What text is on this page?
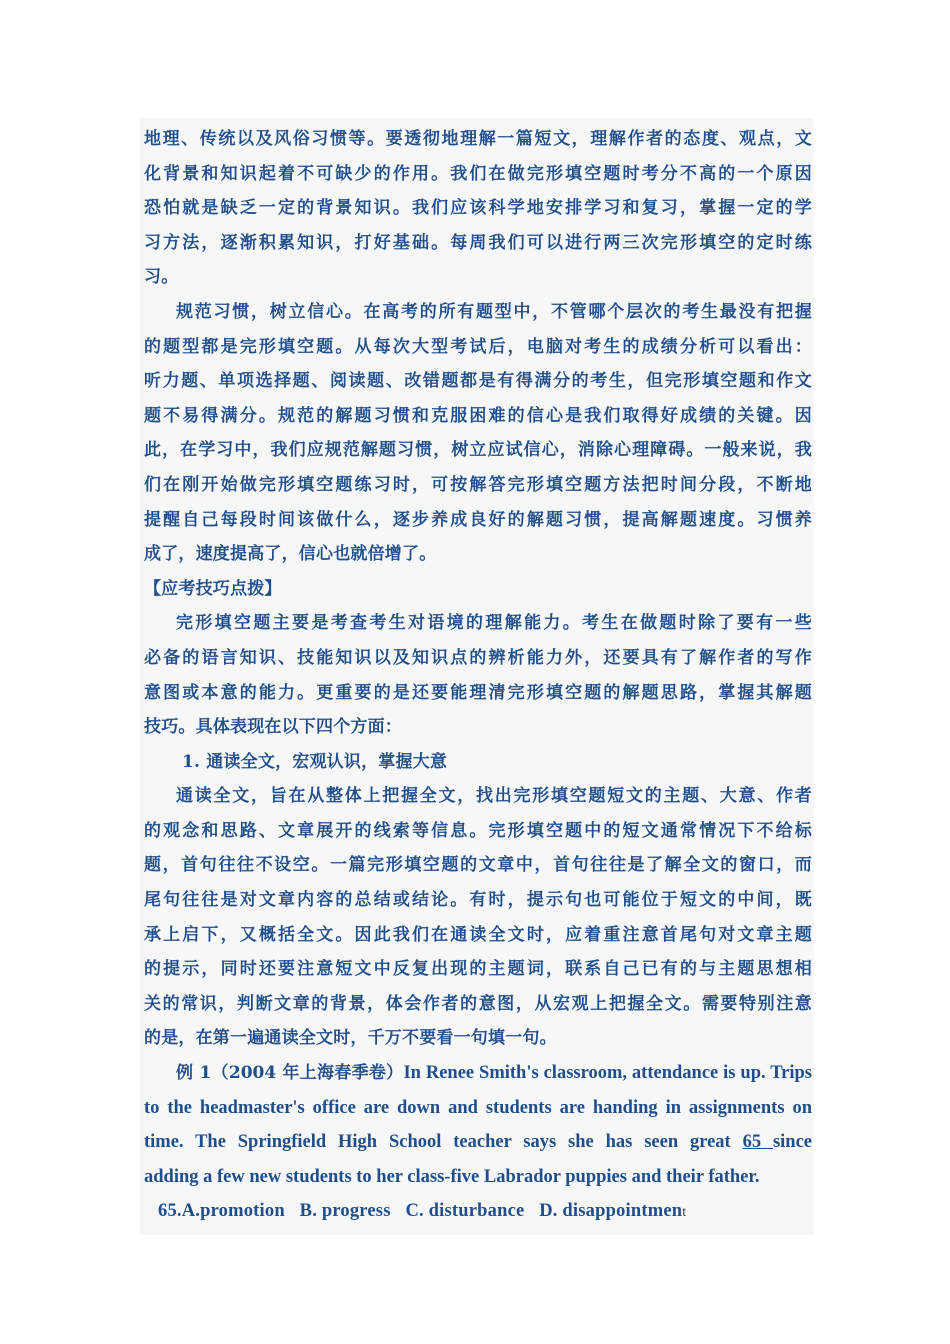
地理、传统以及风俗习惯等。要透彻地理解一篇短文，理解作者的态度、观点，文
化背景和知识起着不可缺少的作用。我们在做完形填空题时考分不高的一个原因
恐怕就是缺乏一定的背景知识。我们应该科学地安排学习和复习，掌握一定的学
习方法，逐渐积累知识，打好基础。每周我们可以进行两三次完形填空的定时练
习。
规范习惯，树立信心。在高考的所有题型中，不管哪个层次的考生最没有把握
的题型都是完形填空题。从每次大型考试后，电脑对考生的成绩分析可以看出：
听力题、单项选择题、阅读题、改错题都是有得满分的考生，但完形填空题和作文
题不易得满分。规范的解题习惯和克服困难的信心是我们取得好成绩的关键。因
此，在学习中，我们应规范解题习惯，树立应试信心，消除心理障碍。一般来说，我
们在刚开始做完形填空题练习时，可按解答完形填空题方法把时间分段，不断地
提醒自己每段时间该做什么，逐步养成良好的解题习惯，提高解题速度。习惯养
成了，速度提高了，信心也就倍增了。
【应考技巧点拨】
完形填空题主要是考查考生对语境的理解能力。考生在做题时除了要有一些
必备的语言知识、技能知识以及知识点的辨析能力外，还要具有了解作者的写作
意图或本意的能力。更重要的是还要能理清完形填空题的解题思路，掌握其解题
技巧。具体表现在以下四个方面：
1. 通读全文，宏观认识，掌握大意
通读全文，旨在从整体上把握全文，找出完形填空题短文的主题、大意、作者
的观念和思路、文章展开的线索等信息。完形填空题中的短文通常情况下不给标
题，首句往往不设空。一篇完形填空题的文章中，首句往往是了解全文的窗口，而
尾句往往是对文章内容的总结或结论。有时，提示句也可能位于短文的中间，既
承上启下，又概括全文。因此我们在通读全文时，应着重注意首尾句对文章主题
的提示，同时还要注意短文中反复出现的主题词，联系自己已有的与主题思想相
关的常识，判断文章的背景，体会作者的意图，从宏观上把握全文。需要特别注意
的是，在第一遍通读全文时，千万不要看一句填一句。
例 1（2004 年上海春季卷）In Renee Smith's classroom, attendance is up. Trips
to the headmaster's office are down and students are handing in assignments on
time. The Springfield High School teacher says she has seen great 65 since
adding a few new students to her class-five Labrador puppies and their father.
65.A.promotion B. progress C. disturbance D. disappointment
